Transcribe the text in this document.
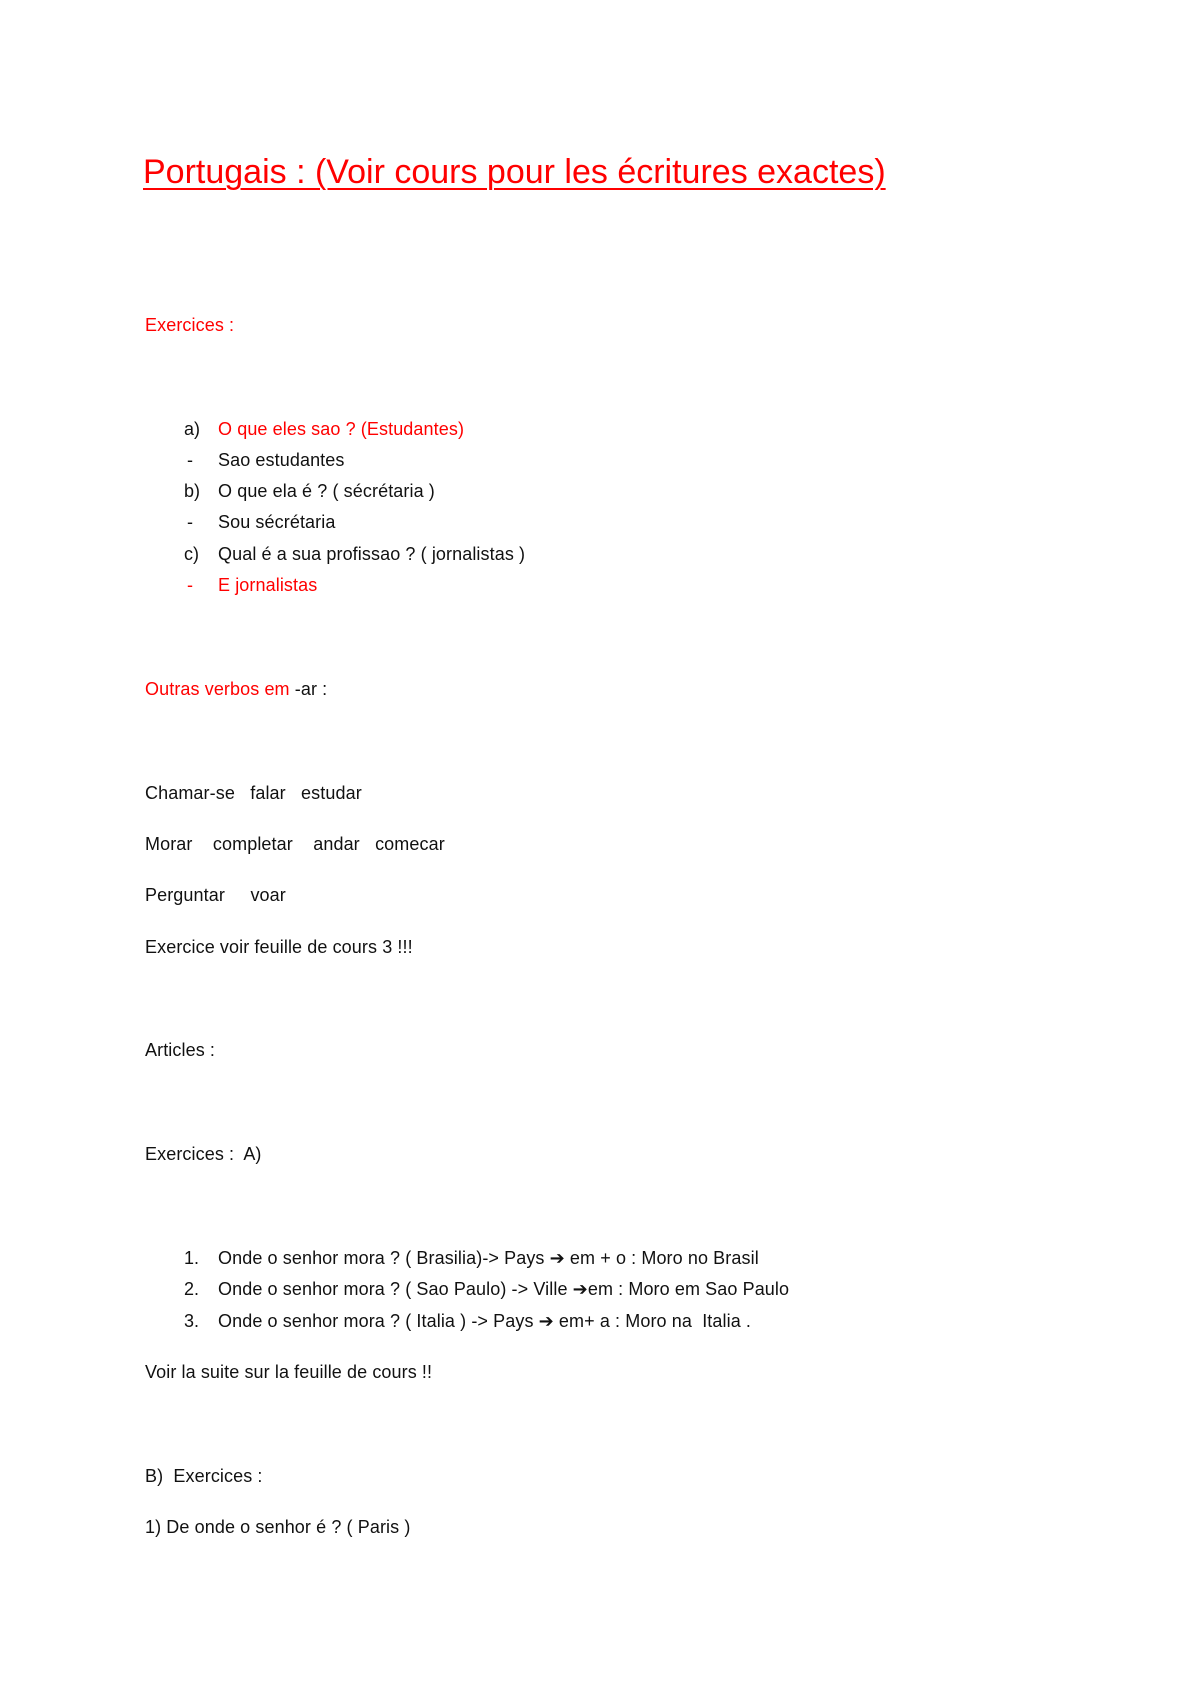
Portugais : (Voir cours pour les écritures exactes)
Exercices :
a) O que eles sao ? (Estudantes)
- Sao estudantes
b) O que ela é ? ( sécrétaria )
- Sou sécrétaria
c) Qual é a sua profissao ? ( jornalistas )
- E jornalistas
Outras verbos em -ar :
Chamar-se   falar   estudar
Morar    completar    andar   comecar
Perguntar     voar
Exercice voir feuille de cours 3 !!!
Articles :
Exercices :  A)
1. Onde o senhor mora ? ( Brasilia)-> Pays ➔ em + o : Moro no Brasil
2. Onde o senhor mora ? ( Sao Paulo) -> Ville ➔em : Moro em Sao Paulo
3. Onde o senhor mora ? ( Italia ) -> Pays ➔ em+ a : Moro na  Italia .
Voir la suite sur la feuille de cours !!
B)  Exercices :
1) De onde o senhor é ? ( Paris )
